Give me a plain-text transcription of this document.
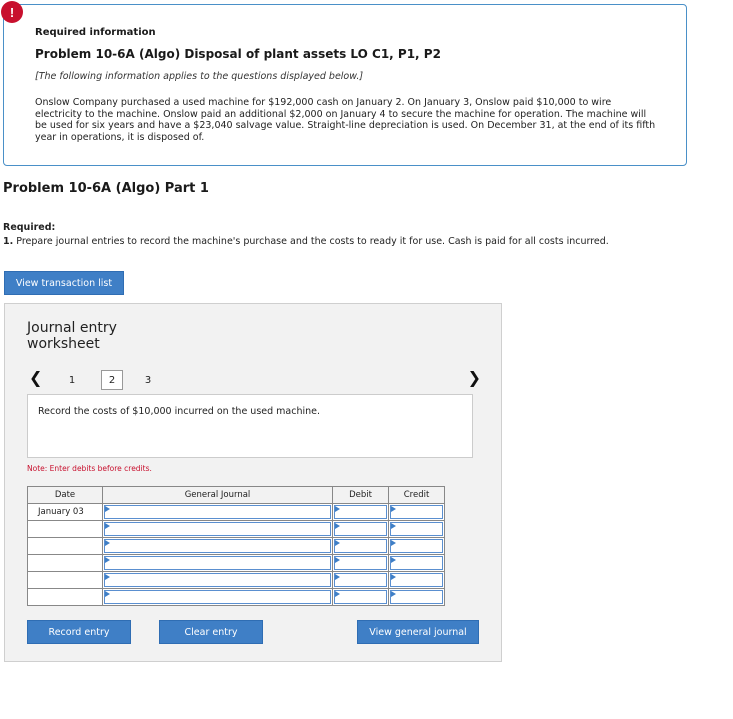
!
Required information
Problem 10-6A (Algo) Disposal of plant assets LO C1, P1, P2
[The following information applies to the questions displayed below.]
Onslow Company purchased a used machine for $192,000 cash on January 2. On January 3, Onslow paid $10,000 to wire electricity to the machine. Onslow paid an additional $2,000 on January 4 to secure the machine for operation. The machine will be used for six years and have a $23,040 salvage value. Straight-line depreciation is used. On December 31, at the end of its fifth year in operations, it is disposed of.
Problem 10-6A (Algo) Part 1
Required:
1. Prepare journal entries to record the machine's purchase and the costs to ready it for use. Cash is paid for all costs incurred.
View transaction list
Journal entry worksheet
❮	1	2	3	❯
Record the costs of $10,000 incurred on the used machine.
Note: Enter debits before credits.
Date	General Journal	Debit	Credit
January 03	

Record entry	Clear entry	View general journal
